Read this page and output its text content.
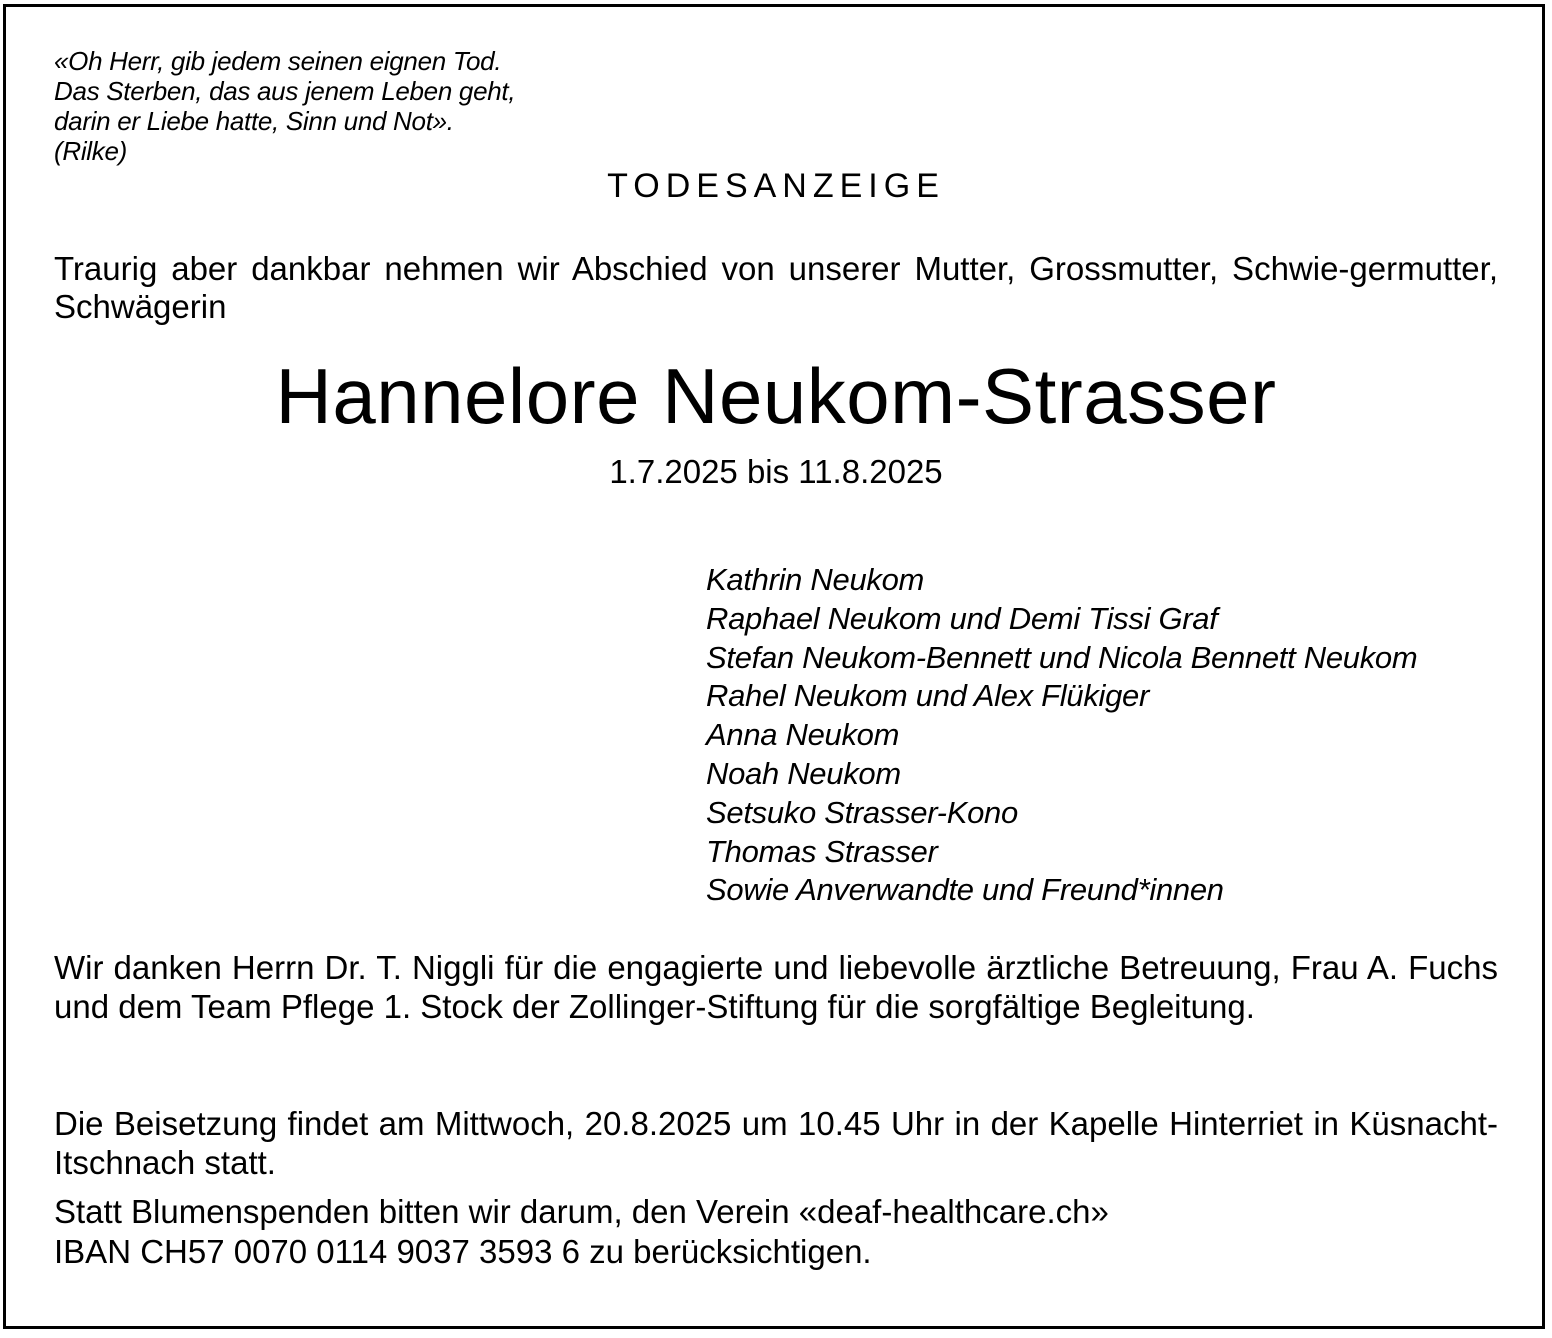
«Oh Herr, gib jedem seinen eignen Tod.
Das Sterben, das aus jenem Leben geht,
darin er Liebe hatte, Sinn und Not».
(Rilke)
TODESANZEIGE
Traurig aber dankbar nehmen wir Abschied von unserer Mutter, Grossmutter, Schwie-germutter, Schwägerin
Hannelore Neukom-Strasser
1.7.2025 bis 11.8.2025
Kathrin Neukom
Raphael Neukom und Demi Tissi Graf
Stefan Neukom-Bennett und Nicola Bennett Neukom
Rahel Neukom und Alex Flükiger
Anna Neukom
Noah Neukom
Setsuko Strasser-Kono
Thomas Strasser
Sowie Anverwandte und Freund*innen
Wir danken Herrn Dr. T. Niggli für die engagierte und liebevolle ärztliche Betreuung, Frau A. Fuchs und dem Team Pflege 1. Stock der Zollinger-Stiftung für die sorgfältige Begleitung.
Die Beisetzung findet am Mittwoch, 20.8.2025 um 10.45 Uhr in der Kapelle Hinterriet in Küsnacht-Itschnach statt.
Statt Blumenspenden bitten wir darum, den Verein «deaf-healthcare.ch»
IBAN CH57 0070 0114 9037 3593 6 zu berücksichtigen.
